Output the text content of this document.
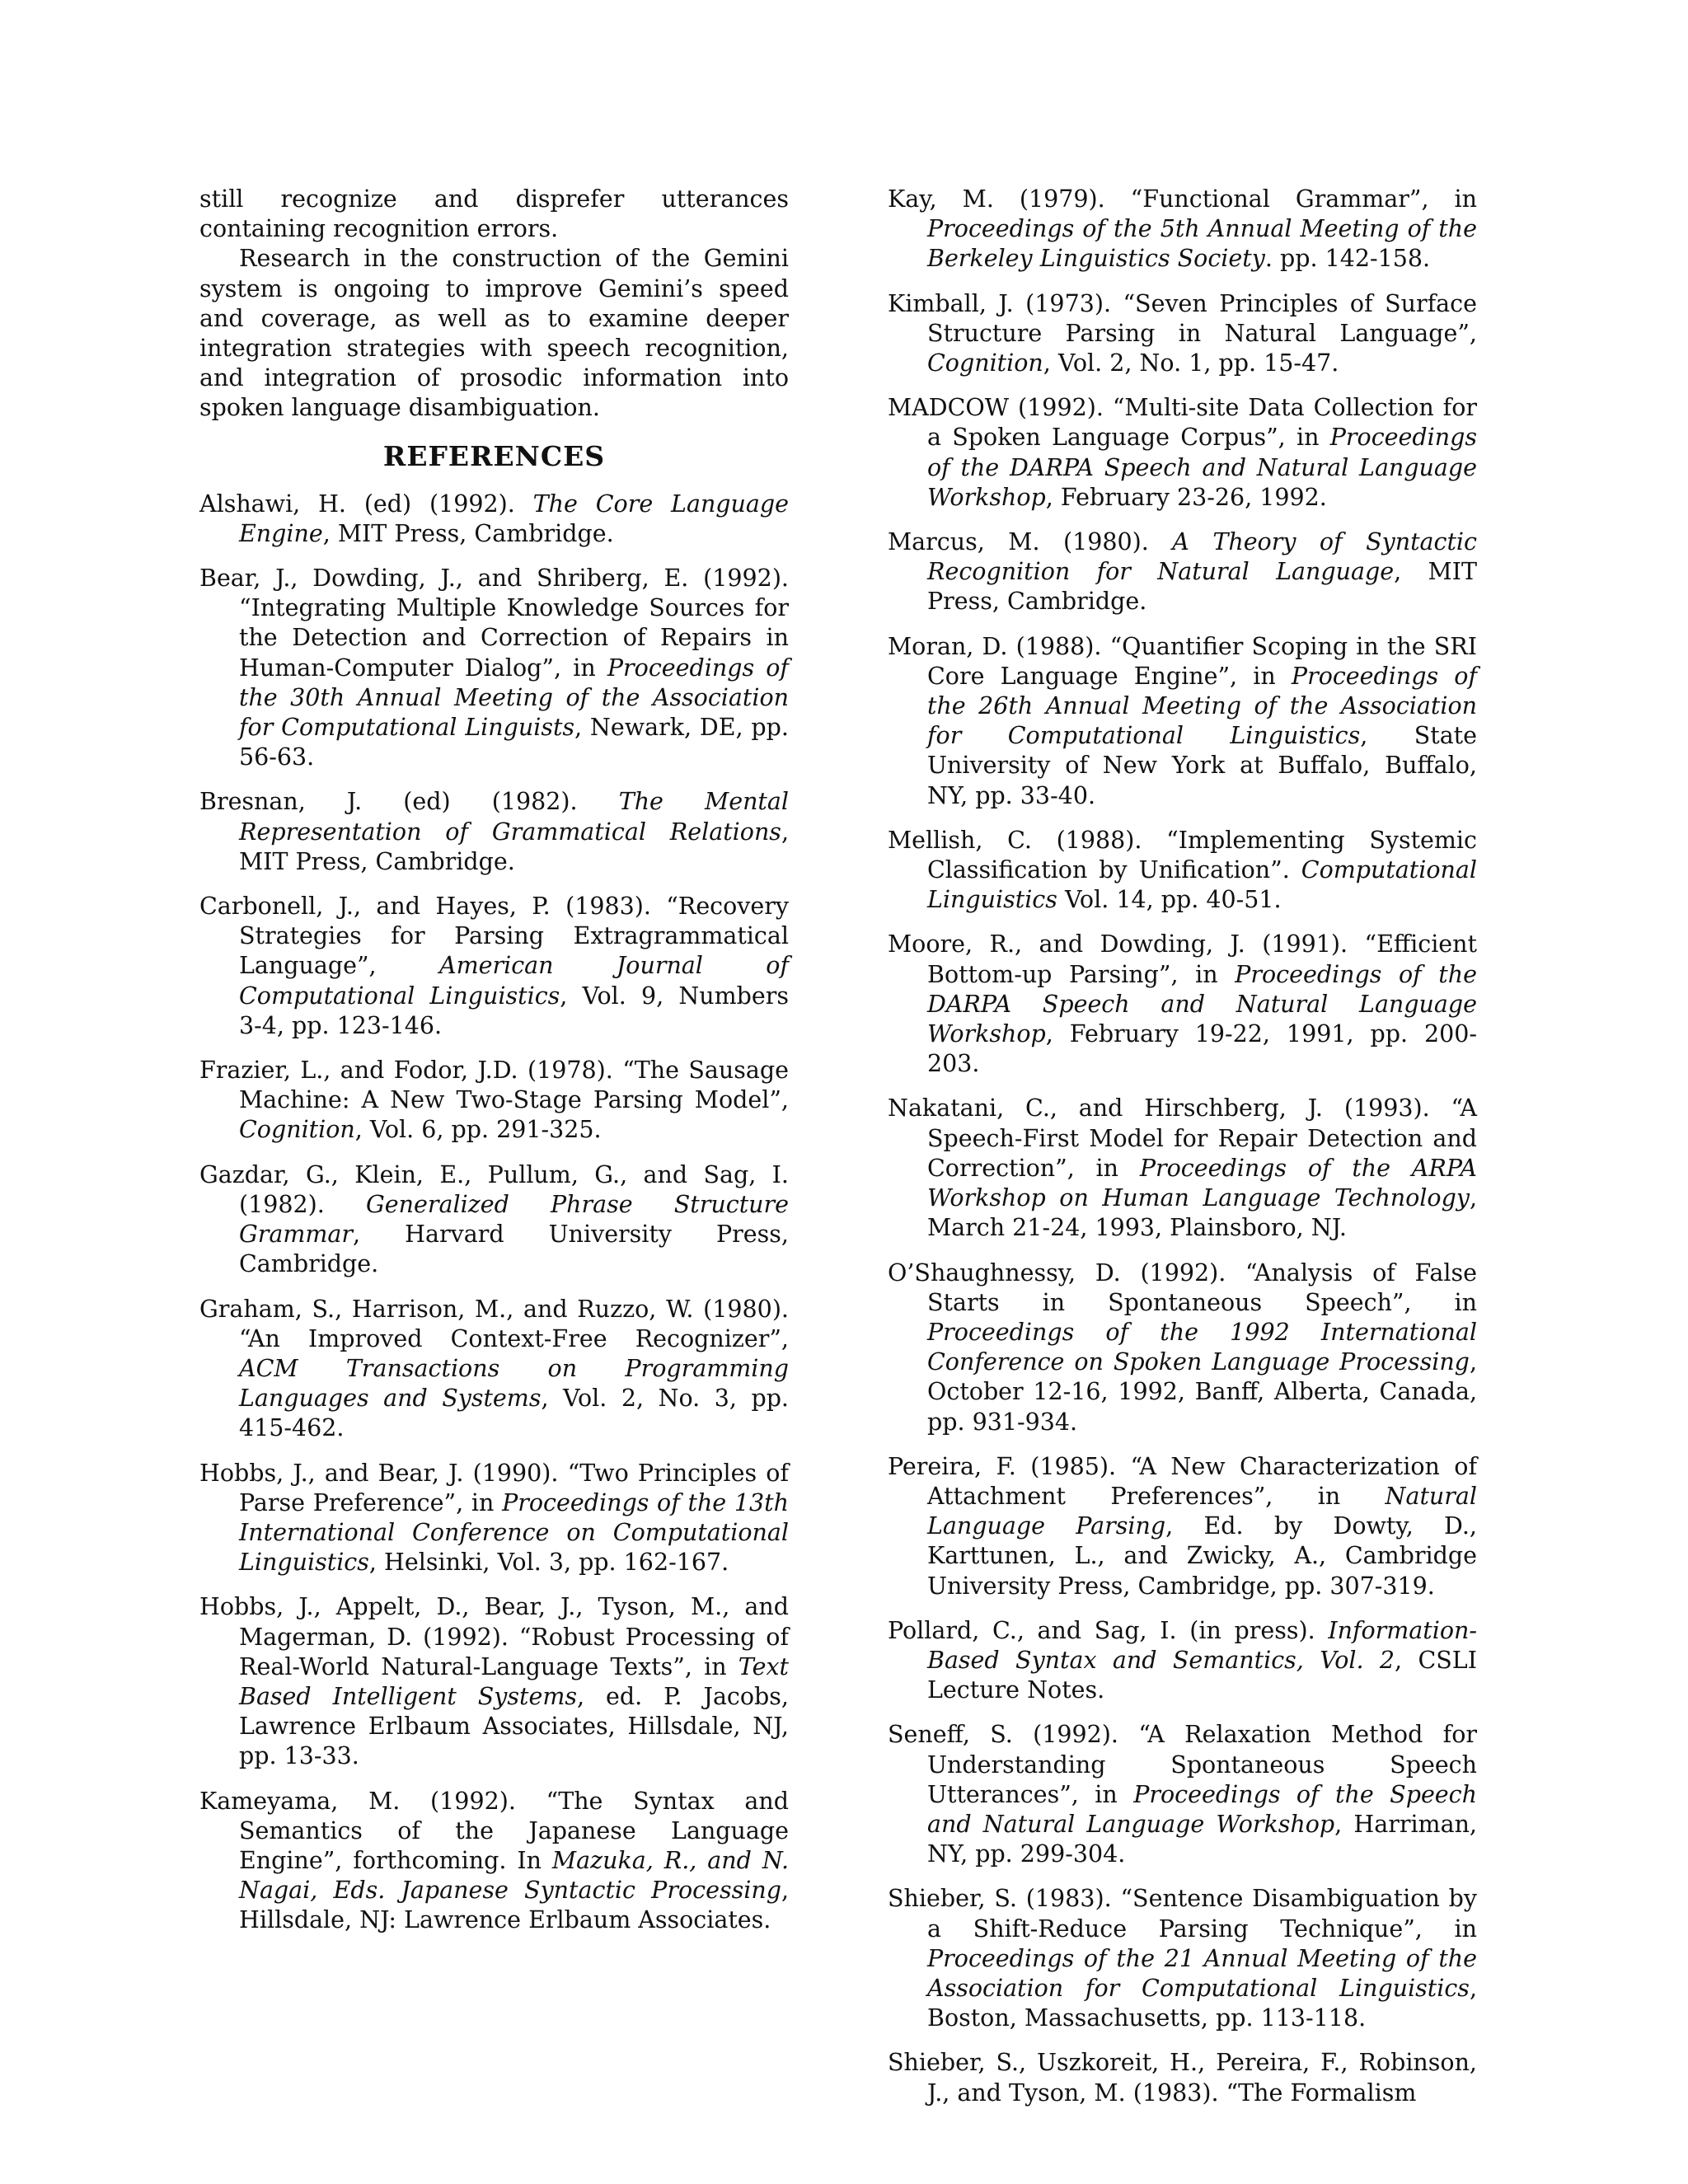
still recognize and disprefer utterances containing recognition errors.

Research in the construction of the Gemini system is ongoing to improve Gemini’s speed and coverage, as well as to examine deeper integration strategies with speech recognition, and integration of prosodic information into spoken language disambiguation.

REFERENCES
Alshawi, H. (ed) (1992). The Core Language Engine, MIT Press, Cambridge.
Bear, J., Dowding, J., and Shriberg, E. (1992). “Integrating Multiple Knowledge Sources for the Detection and Correction of Repairs in Human-Computer Dialog”, in Proceedings of the 30th Annual Meeting of the Association for Computational Linguists, Newark, DE, pp. 56-63.
Bresnan, J. (ed) (1982). The Mental Representation of Grammatical Relations, MIT Press, Cambridge.
Carbonell, J., and Hayes, P. (1983). “Recovery Strategies for Parsing Extragrammatical Language”, American Journal of Computational Linguistics, Vol. 9, Numbers 3-4, pp. 123-146.
Frazier, L., and Fodor, J.D. (1978). “The Sausage Machine: A New Two-Stage Parsing Model”, Cognition, Vol. 6, pp. 291-325.
Gazdar, G., Klein, E., Pullum, G., and Sag, I. (1982). Generalized Phrase Structure Grammar, Harvard University Press, Cambridge.
Graham, S., Harrison, M., and Ruzzo, W. (1980). “An Improved Context-Free Recognizer”, ACM Transactions on Programming Languages and Systems, Vol. 2, No. 3, pp. 415-462.
Hobbs, J., and Bear, J. (1990). “Two Principles of Parse Preference”, in Proceedings of the 13th International Conference on Computational Linguistics, Helsinki, Vol. 3, pp. 162-167.
Hobbs, J., Appelt, D., Bear, J., Tyson, M., and Magerman, D. (1992). “Robust Processing of Real-World Natural-Language Texts”, in Text Based Intelligent Systems, ed. P. Jacobs, Lawrence Erlbaum Associates, Hillsdale, NJ, pp. 13-33.
Kameyama, M. (1992). “The Syntax and Semantics of the Japanese Language Engine”, forthcoming. In Mazuka, R., and N. Nagai, Eds. Japanese Syntactic Processing, Hillsdale, NJ: Lawrence Erlbaum Associates.
Kay, M. (1979). “Functional Grammar”, in Proceedings of the 5th Annual Meeting of the Berkeley Linguistics Society. pp. 142-158.
Kimball, J. (1973). “Seven Principles of Surface Structure Parsing in Natural Language”, Cognition, Vol. 2, No. 1, pp. 15-47.
MADCOW (1992). “Multi-site Data Collection for a Spoken Language Corpus”, in Proceedings of the DARPA Speech and Natural Language Workshop, February 23-26, 1992.
Marcus, M. (1980). A Theory of Syntactic Recognition for Natural Language, MIT Press, Cambridge.
Moran, D. (1988). “Quantifier Scoping in the SRI Core Language Engine”, in Proceedings of the 26th Annual Meeting of the Association for Computational Linguistics, State University of New York at Buffalo, Buffalo, NY, pp. 33-40.
Mellish, C. (1988). “Implementing Systemic Classification by Unification”. Computational Linguistics Vol. 14, pp. 40-51.
Moore, R., and Dowding, J. (1991). “Efficient Bottom-up Parsing”, in Proceedings of the DARPA Speech and Natural Language Workshop, February 19-22, 1991, pp. 200-203.
Nakatani, C., and Hirschberg, J. (1993). “A Speech-First Model for Repair Detection and Correction”, in Proceedings of the ARPA Workshop on Human Language Technology, March 21-24, 1993, Plainsboro, NJ.
O’Shaughnessy, D. (1992). “Analysis of False Starts in Spontaneous Speech”, in Proceedings of the 1992 International Conference on Spoken Language Processing, October 12-16, 1992, Banff, Alberta, Canada, pp. 931-934.
Pereira, F. (1985). “A New Characterization of Attachment Preferences”, in Natural Language Parsing, Ed. by Dowty, D., Karttunen, L., and Zwicky, A., Cambridge University Press, Cambridge, pp. 307-319.
Pollard, C., and Sag, I. (in press). Information-Based Syntax and Semantics, Vol. 2, CSLI Lecture Notes.
Seneff, S. (1992). “A Relaxation Method for Understanding Spontaneous Speech Utterances”, in Proceedings of the Speech and Natural Language Workshop, Harriman, NY, pp. 299-304.
Shieber, S. (1983). “Sentence Disambiguation by a Shift-Reduce Parsing Technique”, in Proceedings of the 21 Annual Meeting of the Association for Computational Linguistics, Boston, Massachusetts, pp. 113-118.
Shieber, S., Uszkoreit, H., Pereira, F., Robinson, J., and Tyson, M. (1983). “The Formalism
